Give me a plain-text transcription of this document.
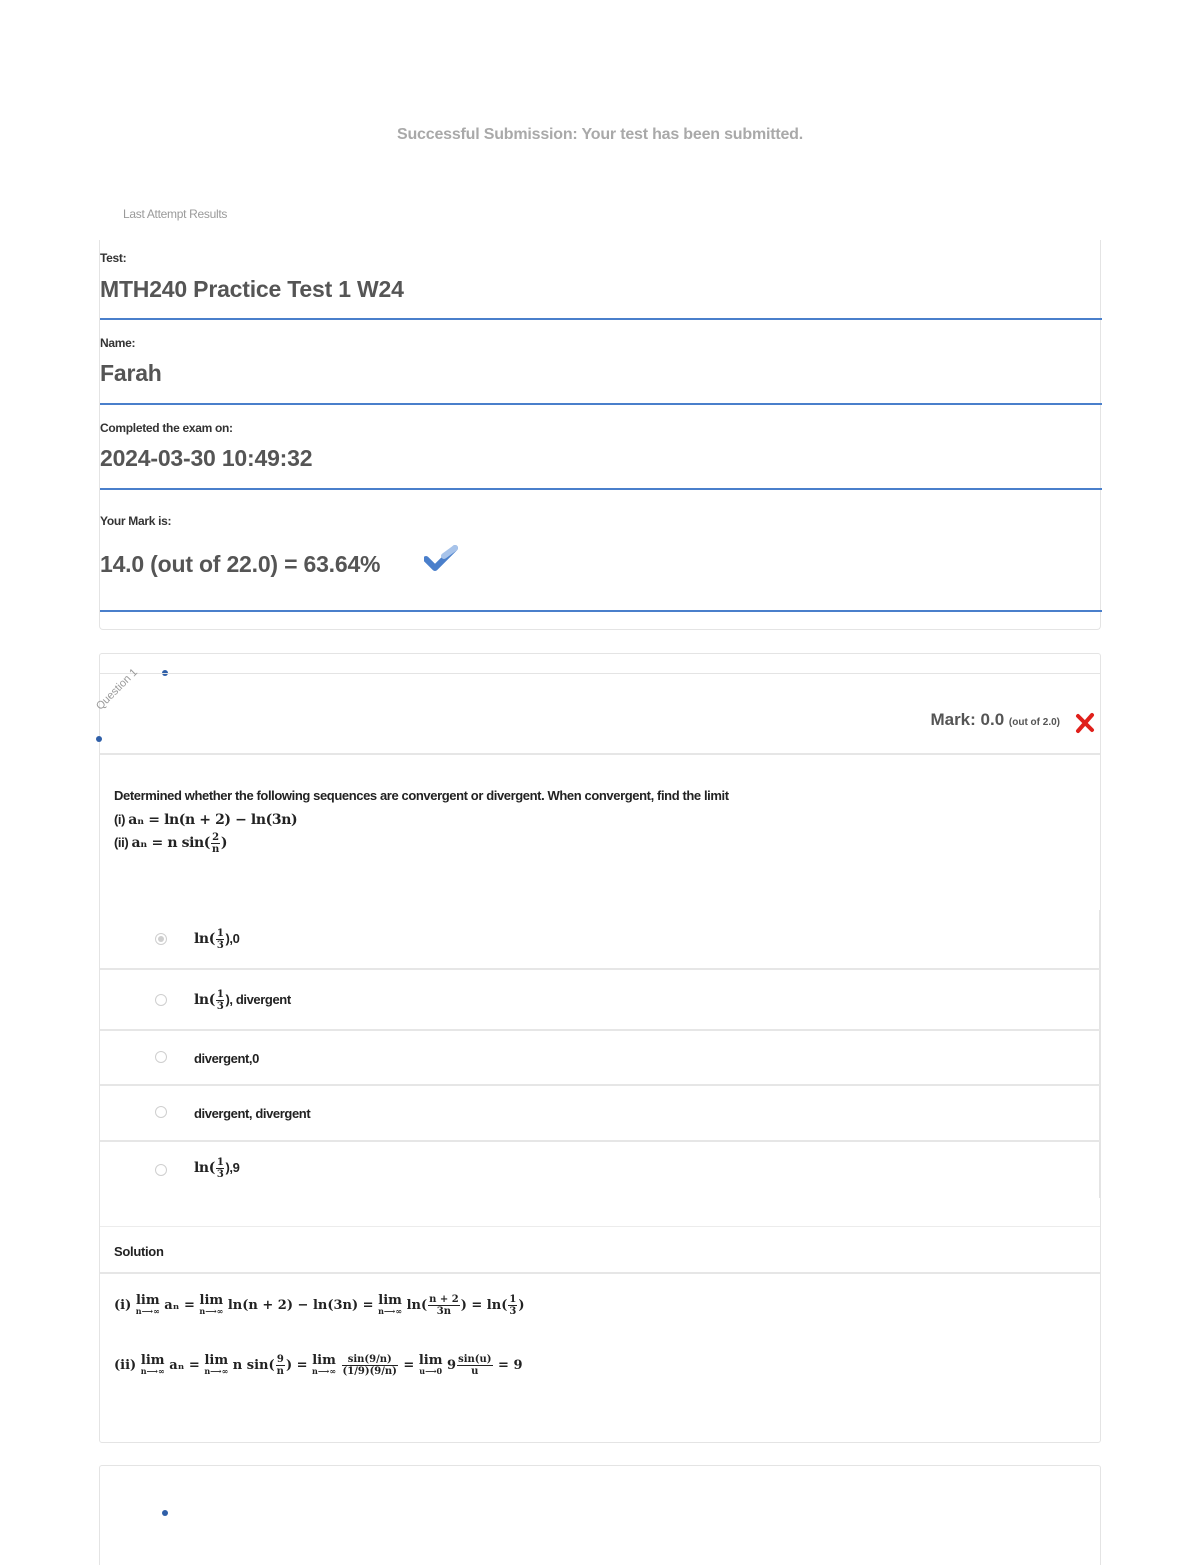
Successful Submission: Your test has been submitted.
Last Attempt Results
Test:
MTH240 Practice Test 1 W24
Name:
Farah
Completed the exam on:
2024-03-30 10:49:32
Your Mark is:
14.0 (out of 22.0) = 63.64%
Question 1
Mark: 0.0 (out of 2.0)
Determined whether the following sequences are convergent or divergent. When convergent, find the limit
(i) aₙ = ln(n + 2) − ln(3n)
(ii) aₙ = n $\sin( \frac{2}{n}$ )
$\ln( \frac{1}{3} ),0$
$\ln( \frac{1}{3}$ ), divergent
divergent,0
divergent, divergent
$\ln( \frac{1}{3} ),9$
Solution
(i) lim
n⟶∞ aₙ = lim
n⟶∞ ln(n + 2) − ln(3n) = lim
n⟶∞ $\ln( \frac{n + 2}{3n}$ ) = $\ln( \frac{1}{3}$ )
(ii) lim
n⟶∞ aₙ = lim
n⟶∞ n $\sin( \frac{9}{n}$ ) = lim
n⟶∞
$\frac{\sin(9/n)}{(1/9)(9/n)} = \lim$
u⟶0 $9 \frac{\sin(u)}{u} = 9$
